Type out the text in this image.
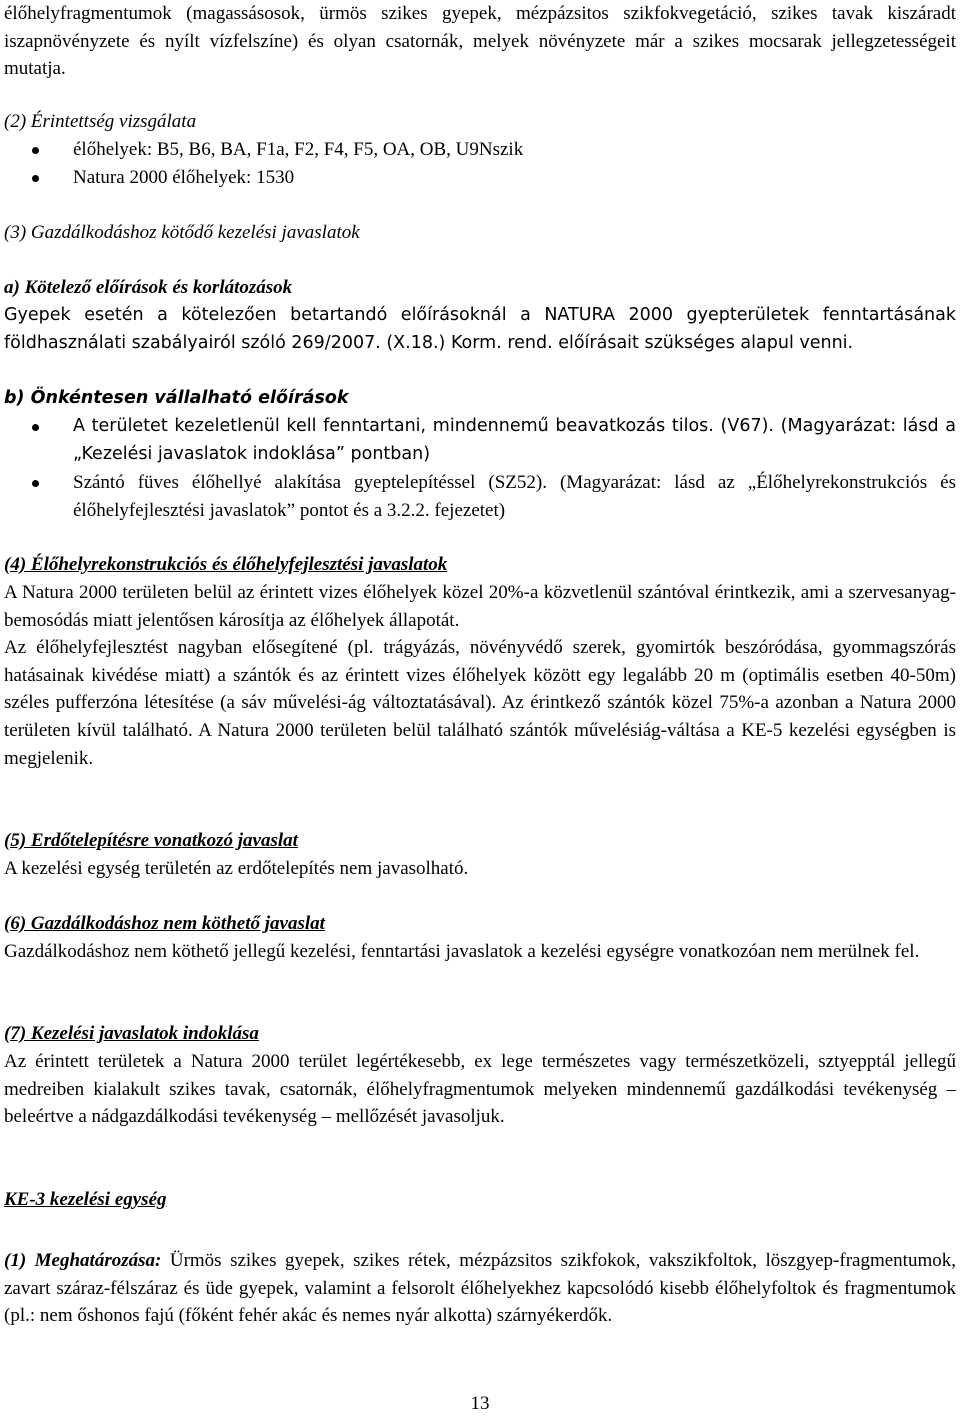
élőhelyfragmentumok (magassásosok, ürmös szikes gyepek, mézpázsitos szikfokvegetáció, szikes tavak kiszáradt iszapnövényzete és nyílt vízfelszíne) és olyan csatornák, melyek növényzete már a szikes mocsarak jellegzetességeit mutatja.

(2) Érintettség vizsgálata

élőhelyek: B5, B6, BA, F1a, F2, F4, F5, OA, OB, U9Nszik
Natura 2000 élőhelyek: 1530

(3) Gazdálkodáshoz kötődő kezelési javaslatok

a) Kötelező előírások és korlátozások

Gyepek esetén a kötelezően betartandó előírásoknál a NATURA 2000 gyepterületek fenntartásának földhasználati szabályairól szóló 269/2007. (X.18.) Korm. rend. előírásait szükséges alapul venni.

b) Önkéntesen vállalható előírások

A területet kezeletlenül kell fenntartani, mindennemű beavatkozás tilos. (V67). (Magyarázat: lásd a „Kezelési javaslatok indoklása” pontban)
Szántó füves élőhellyé alakítása gyeptelepítéssel (SZ52). (Magyarázat: lásd az „Élőhelyrekonstrukciós és élőhelyfejlesztési javaslatok” pontot és a 3.2.2. fejezetet)

(4) Élőhelyrekonstrukciós és élőhelyfejlesztési javaslatok

A Natura 2000 területen belül az érintett vizes élőhelyek közel 20%-a közvetlenül szántóval érintkezik, ami a szervesanyag-bemosódás miatt jelentősen károsítja az élőhelyek állapotát.

Az élőhelyfejlesztést nagyban elősegítené (pl. trágyázás, növényvédő szerek, gyomirtók beszóródása, gyommagszórás hatásainak kivédése miatt) a szántók és az érintett vizes élőhelyek között egy legalább 20 m (optimális esetben 40-50m) széles pufferzóna létesítése (a sáv művelési-ág változtatásával). Az érintkező szántók közel 75%-a azonban a Natura 2000 területen kívül található. A Natura 2000 területen belül található szántók művelésiág-váltása a KE-5 kezelési egységben is megjelenik.

(5) Erdőtelepítésre vonatkozó javaslat

A kezelési egység területén az erdőtelepítés nem javasolható.

(6) Gazdálkodáshoz nem köthető javaslat

Gazdálkodáshoz nem köthető jellegű kezelési, fenntartási javaslatok a kezelési egységre vonatkozóan nem merülnek fel.

(7) Kezelési javaslatok indoklása

Az érintett területek a Natura 2000 terület legértékesebb, ex lege természetes vagy természetközeli, sztyepptál jellegű medreiben kialakult szikes tavak, csatornák, élőhelyfragmentumok melyeken mindennemű gazdálkodási tevékenység – beleértve a nádgazdálkodási tevékenység – mellőzését javasoljuk.

KE-3 kezelési egység

(1) Meghatározása: Ürmös szikes gyepek, szikes rétek, mézpázsitos szikfokok, vakszikfoltok, löszgyep-fragmentumok, zavart száraz-félszáraz és üde gyepek, valamint a felsorolt élőhelyekhez kapcsolódó kisebb élőhelyfoltok és fragmentumok (pl.: nem őshonos fajú (főként fehér akác és nemes nyár alkotta) szárnyékerdők.

13
